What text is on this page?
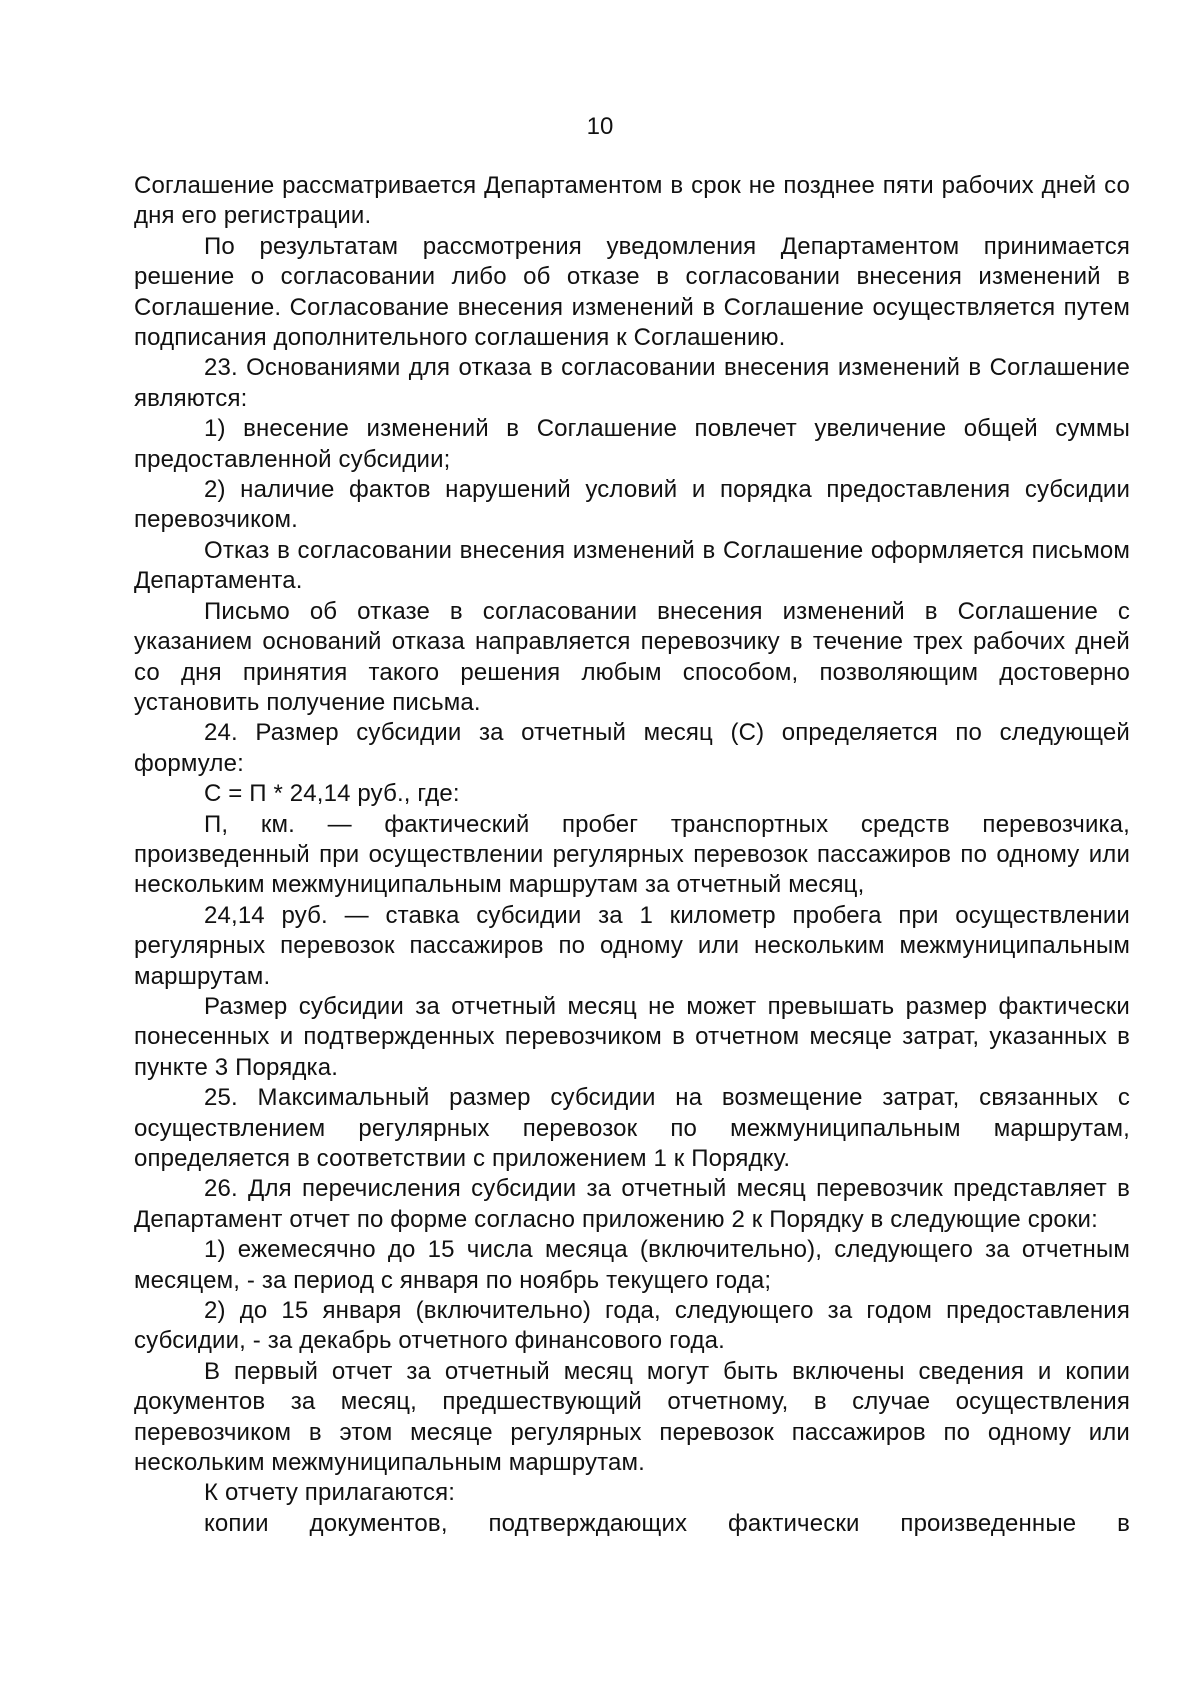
10

Соглашение рассматривается Департаментом в срок не позднее пяти рабочих дней со дня его регистрации.

По результатам рассмотрения уведомления Департаментом принимается решение о согласовании либо об отказе в согласовании внесения изменений в Соглашение. Согласование внесения изменений в Соглашение осуществляется путем подписания дополнительного соглашения к Соглашению.

23. Основаниями для отказа в согласовании внесения изменений в Соглашение являются:

1) внесение изменений в Соглашение повлечет увеличение общей суммы предоставленной субсидии;

2) наличие фактов нарушений условий и порядка предоставления субсидии перевозчиком.

Отказ в согласовании внесения изменений в Соглашение оформляется письмом Департамента.

Письмо об отказе в согласовании внесения изменений в Соглашение с указанием оснований отказа направляется перевозчику в течение трех рабочих дней со дня принятия такого решения любым способом, позволяющим достоверно установить получение письма.

24. Размер субсидии за отчетный месяц (С) определяется по следующей формуле:

С = П * 24,14 руб., где:

П, км. — фактический пробег транспортных средств перевозчика, произведенный при осуществлении регулярных перевозок пассажиров по одному или нескольким межмуниципальным маршрутам за отчетный месяц,

24,14 руб. — ставка субсидии за 1 километр пробега при осуществлении регулярных перевозок пассажиров по одному или нескольким межмуниципальным маршрутам.

Размер субсидии за отчетный месяц не может превышать размер фактически понесенных и подтвержденных перевозчиком в отчетном месяце затрат, указанных в пункте 3 Порядка.

25. Максимальный размер субсидии на возмещение затрат, связанных с осуществлением регулярных перевозок по межмуниципальным маршрутам, определяется в соответствии с приложением 1 к Порядку.

26. Для перечисления субсидии за отчетный месяц перевозчик представляет в Департамент отчет по форме согласно приложению 2 к Порядку в следующие сроки:

1) ежемесячно до 15 числа месяца (включительно), следующего за отчетным месяцем, - за период с января по ноябрь текущего года;

2) до 15 января (включительно) года, следующего за годом предоставления субсидии, - за декабрь отчетного финансового года.

В первый отчет за отчетный месяц могут быть включены сведения и копии документов за месяц, предшествующий отчетному, в случае осуществления перевозчиком в этом месяце регулярных перевозок пассажиров по одному или нескольким межмуниципальным маршрутам.

К отчету прилагаются:

копии документов, подтверждающих фактически произведенные в
